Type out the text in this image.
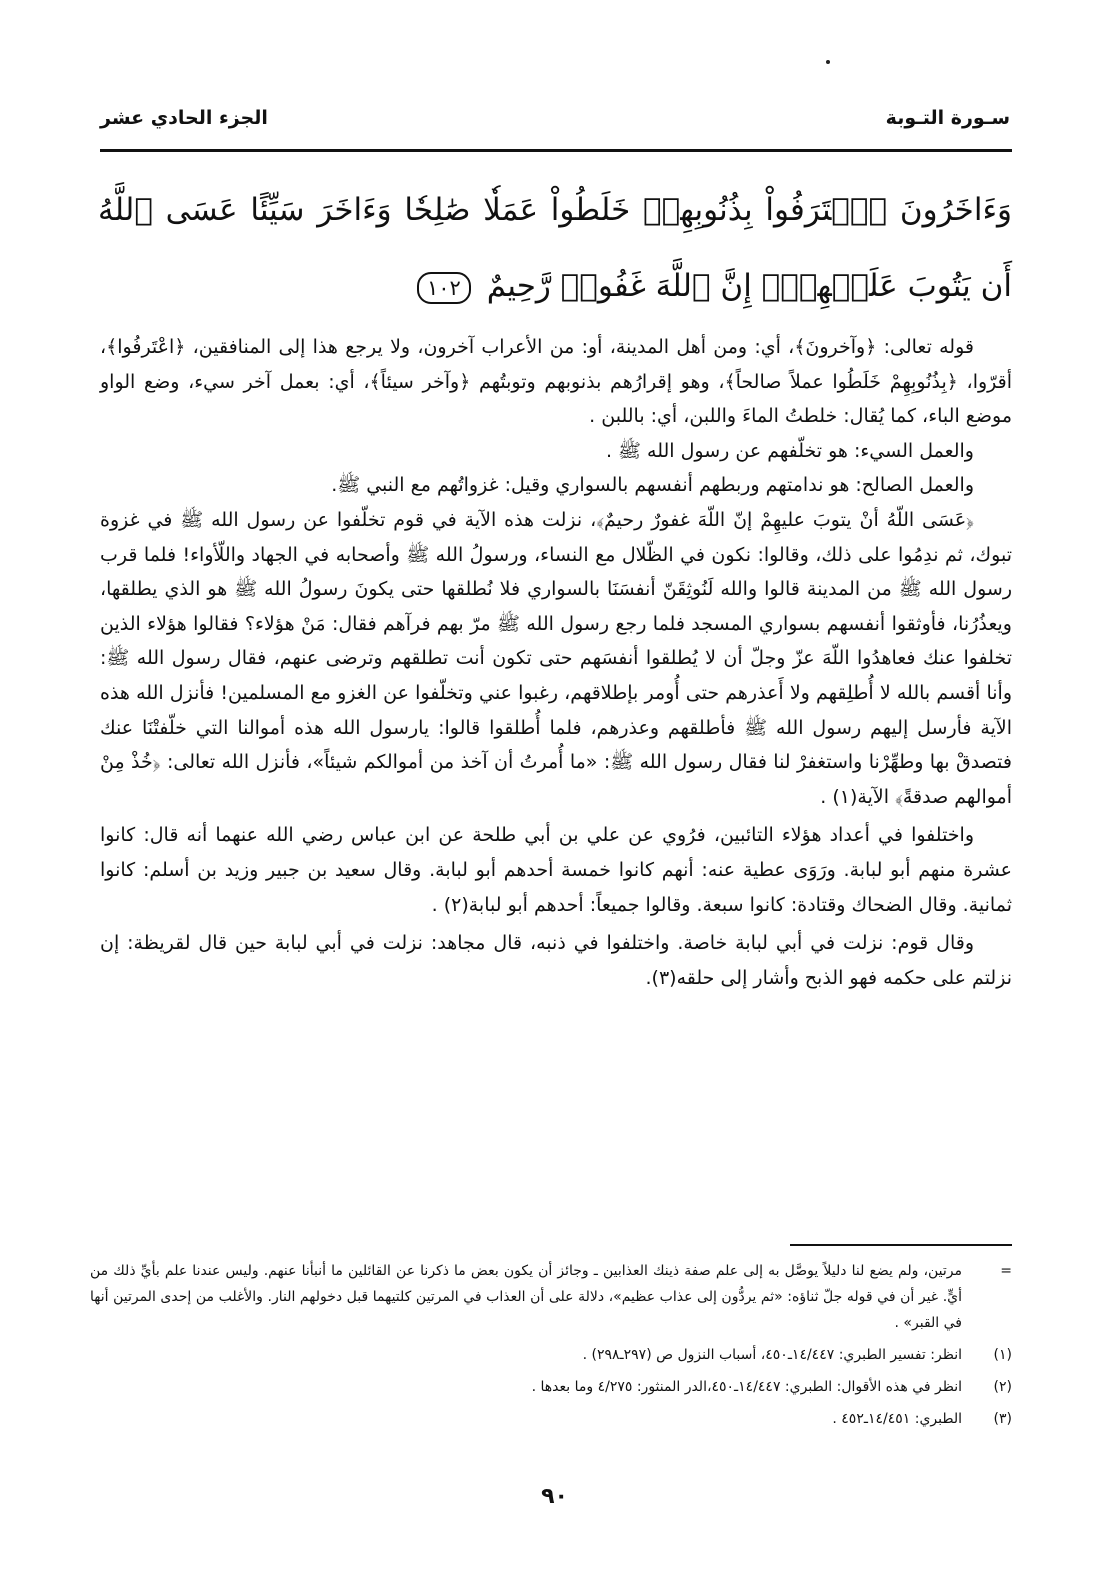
سـورة التـوبة
الجزء الحادي عشر
وَءَاخَرُونَ ٱعۡتَرَفُواْ بِذُنُوبِهِمۡ خَلَطُواْ عَمَلٗا صَٰلِحٗا وَءَاخَرَ سَيِّئًا عَسَى ٱللَّهُ أَن يَتُوبَ عَلَيۡهِمۡۚ إِنَّ ٱللَّهَ غَفُورٞ رَّحِيمٌ ١٠٢

قوله تعالى: ﴿وآخرونَ﴾، أي: ومن أهل المدينة، أو: من الأعراب آخرون، ولا يرجع هذا إلى المنافقين، ﴿اعْتَرفُوا﴾، أقرّوا، ﴿بِذُنُوبِهِمْ خَلَطُوا عملاً صالحاً﴾، وهو إقرارُهم بذنوبهم وتوبتُهم ﴿وآخر سيئاً﴾، أي: بعمل آخر سيء، وضع الواو موضع الباء، كما يُقال: خلطتُ الماءَ واللبن، أي: باللبن .

والعمل السيء: هو تخلّفهم عن رسول الله ﷺ .

والعمل الصالح: هو ندامتهم وربطهم أنفسهم بالسواري وقيل: غزواتُهم مع النبي ﷺ.

﴿عَسَى اللّهُ أنْ يتوبَ عليهِمْ إنّ اللّهَ غفورٌ رحيمٌ﴾، نزلت هذه الآية في قوم تخلّفوا عن رسول الله ﷺ في غزوة تبوك، ثم ندِمُوا على ذلك، وقالوا: نكون في الظّلال مع النساء، ورسولُ الله ﷺ وأصحابه في الجهاد واللّأواء! فلما قرب رسول الله ﷺ من المدينة قالوا والله لَنُوثِقَنّ أنفسَنَا بالسواري فلا نُطلقها حتى يكونَ رسولُ الله ﷺ هو الذي يطلقها، ويعذُرُنا، فأوثقوا أنفسهم بسواري المسجد فلما رجع رسول الله ﷺ مرّ بهم فرآهم فقال: مَنْ هؤلاء؟ فقالوا هؤلاء الذين تخلفوا عنك فعاهدُوا اللّهَ عزّ وجلّ أن لا يُطلقوا أنفسَهم حتى تكون أنت تطلقهم وترضى عنهم، فقال رسول الله ﷺ: وأنا أقسم بالله لا أُطلِقهم ولا أَعذرهم حتى أُومر بإطلاقهم، رغبوا عني وتخلّفوا عن الغزو مع المسلمين! فأنزل الله هذه الآية فأرسل إليهم رسول الله ﷺ فأطلقهم وعذرهم، فلما أُطلقوا قالوا: يارسول الله هذه أموالنا التي خلّفتْنَا عنك فتصدقْ بها وطهِّرْنا واستغفرْ لنا فقال رسول الله ﷺ: «ما أُمرتُ أن آخذ من أموالكم شيئاً»، فأنزل الله تعالى: ﴿خُذْ مِنْ أموالهم صدقةً﴾ الآية(١) .

واختلفوا في أعداد هؤلاء التائبين، فرُوي عن علي بن أبي طلحة عن ابن عباس رضي الله عنهما أنه قال: كانوا عشرة منهم أبو لبابة. ورَوَى عطية عنه: أنهم كانوا خمسة أحدهم أبو لبابة. وقال سعيد بن جبير وزيد بن أسلم: كانوا ثمانية. وقال الضحاك وقتادة: كانوا سبعة. وقالوا جميعاً: أحدهم أبو لبابة(٢) .

وقال قوم: نزلت في أبي لبابة خاصة. واختلفوا في ذنبه، قال مجاهد: نزلت في أبي لبابة حين قال لقريظة: إن نزلتم على حكمه فهو الذبح وأشار إلى حلقه(٣).

=
مرتين، ولم يضع لنا دليلاً يوصَّل به إلى علم صفة ذينك العذابين ـ وجائز أن يكون بعض ما ذكرنا عن القائلين ما أنبأنا عنهم. وليس عندنا علم بأيِّ ذلك من أيٍّ. غير أن في قوله جلّ ثناؤه: «ثم يردُّون إلى عذاب عظيم»، دلالة على أن العذاب في المرتين كلتيهما قبل دخولهم النار. والأغلب من إحدى المرتين أنها في القبر» .
(١)
انظر: تفسير الطبري: ١٤/٤٤٧ـ٤٥٠، أسباب النزول ص (٢٩٧ـ٢٩٨) .
(٢)
انظر في هذه الأقوال: الطبري: ١٤/٤٤٧ـ٤٥٠،الدر المنثور: ٤/٢٧٥ وما بعدها .
(٣)
الطبري: ١٤/٤٥١ـ٤٥٢ .
٩٠
